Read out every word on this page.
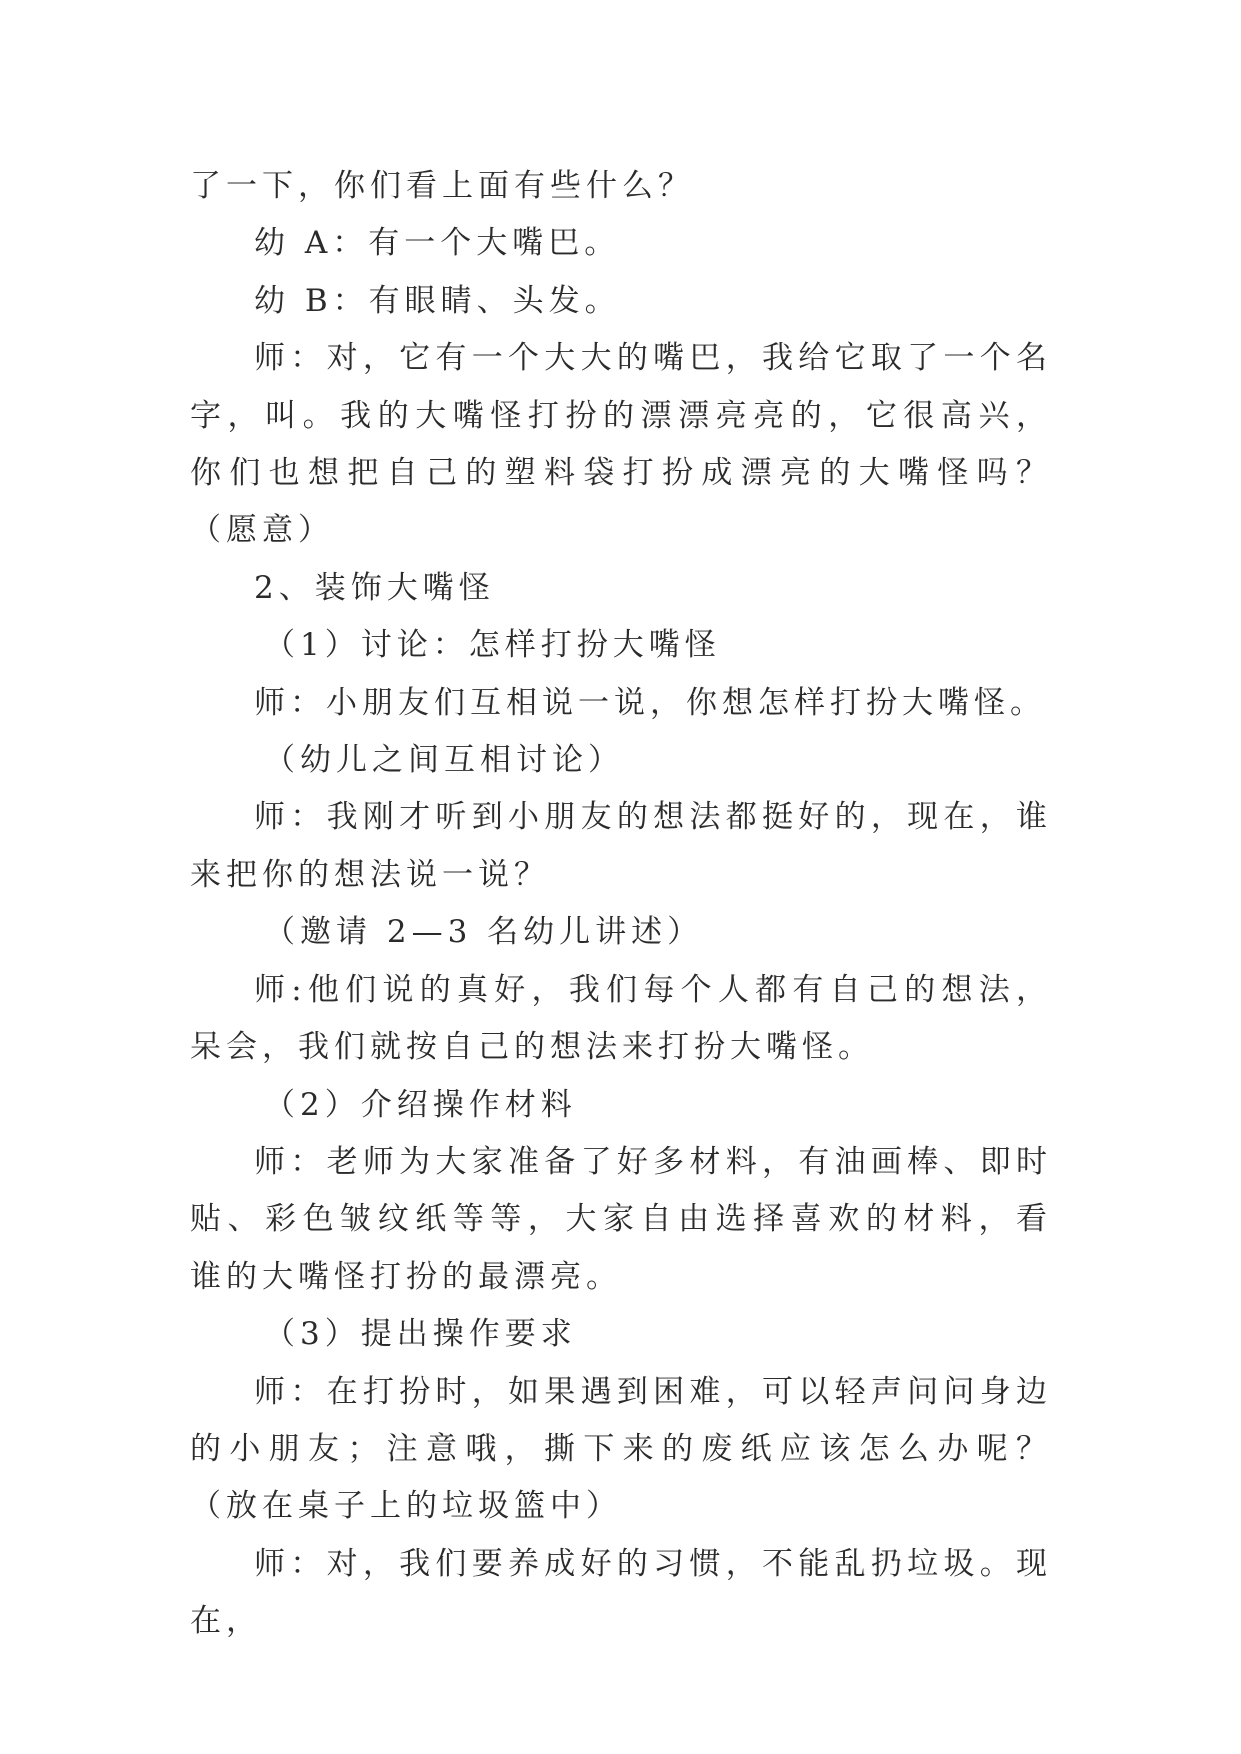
了一下，你们看上面有些什么？

幼 A：有一个大嘴巴。

幼 B：有眼睛、头发。

师：对，它有一个大大的嘴巴，我给它取了一个名字，叫。我的大嘴怪打扮的漂漂亮亮的，它很高兴，你们也想把自己的塑料袋打扮成漂亮的大嘴怪吗？（愿意）

2、装饰大嘴怪

（1）讨论：怎样打扮大嘴怪

师：小朋友们互相说一说，你想怎样打扮大嘴怪。

（幼儿之间互相讨论）

师：我刚才听到小朋友的想法都挺好的，现在，谁来把你的想法说一说？

（邀请 2—3 名幼儿讲述）

师:他们说的真好，我们每个人都有自己的想法，呆会，我们就按自己的想法来打扮大嘴怪。

（2）介绍操作材料

师：老师为大家准备了好多材料，有油画棒、即时贴、彩色皱纹纸等等，大家自由选择喜欢的材料，看谁的大嘴怪打扮的最漂亮。

（3）提出操作要求

师：在打扮时，如果遇到困难，可以轻声问问身边的小朋友；注意哦，撕下来的废纸应该怎么办呢？（放在桌子上的垃圾篮中）

师：对，我们要养成好的习惯，不能乱扔垃圾。现在，
